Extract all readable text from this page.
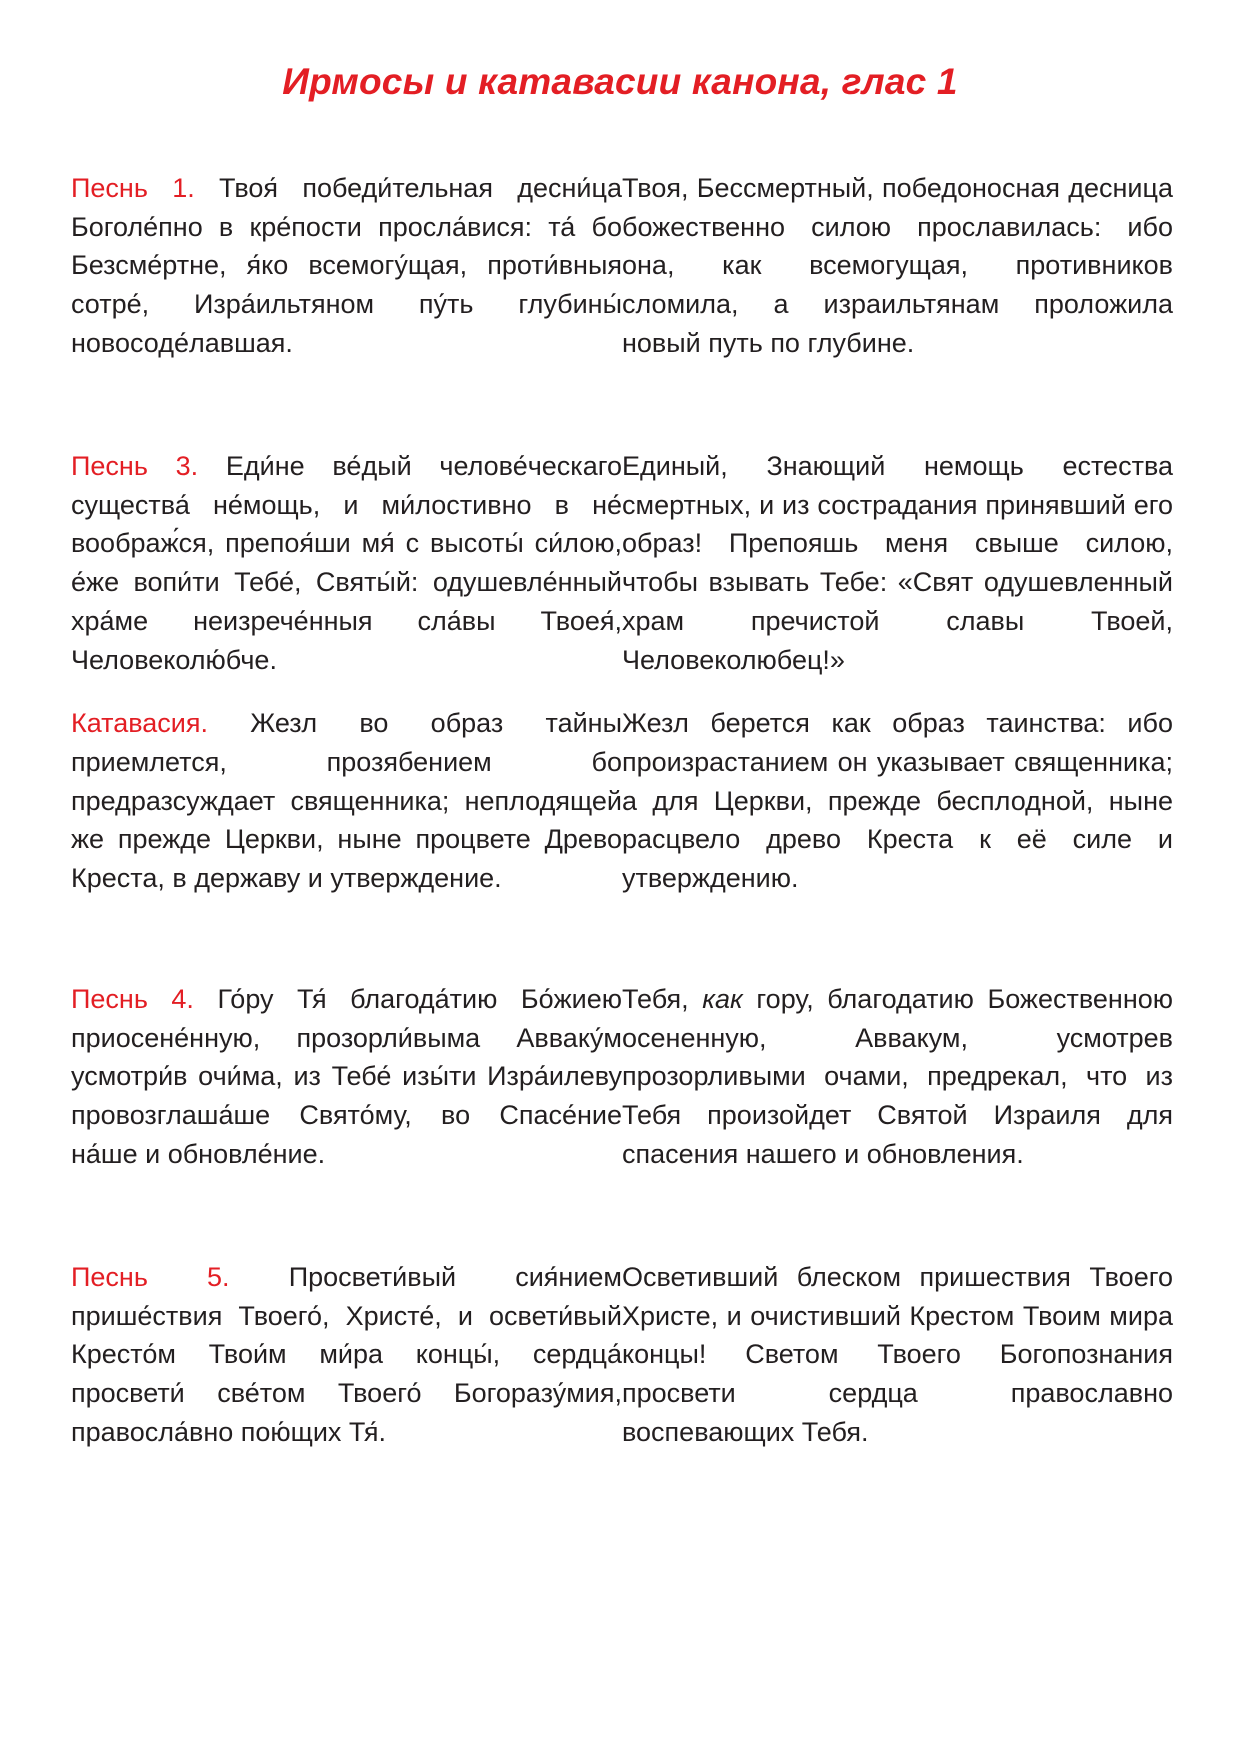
Ирмосы и катавасии канона, глас 1

Песнь 1. Твоя́ победи́тельная десни́ца Боголе́пно в кре́пости просла́вися: та́ бо Безсме́ртне, я́ко всемогу́щая, проти́вныя сотре́, Изра́ильтяном пу́ть глубины́ новосоде́лавшая.

Твоя, Бессмертный, победоносная десница божественно силою прославилась: ибо она, как всемогущая, противников сломила, а израильтянам проложила новый путь по глубине.

Песнь 3. Еди́не ве́дый челове́ческаго существа́ не́мощь, и ми́лостивно в не́ воображ́ся, препоя́ши мя́ с высоты́ си́лою, е́же вопи́ти Тебе́, Святы́й: одушевле́нный хра́ме неизрече́нныя сла́вы Твоея́, Человеколю́бче.

Катавасия. Жезл во образ тайны приемлется, прозябением бо предразсуждает священника; неплодящей же прежде Церкви, ныне процвете Древо Креста, в державу и утверждение.

Единый, Знающий немощь естества смертных, и из сострадания принявший его образ! Препояшь меня свыше силою, чтобы взывать Тебе: «Свят одушевленный храм пречистой славы Твоей, Человеколюбец!»

Жезл берется как образ таинства: ибо произрастанием он указывает священника; а для Церкви, прежде бесплодной, ныне расцвело древо Креста к её силе и утверждению.

Песнь 4. Го́ру Тя́ благода́тию Бо́жиею приосене́нную, прозорли́выма Авваку́м усмотри́в очи́ма, из Тебе́ изы́ти Изра́илеву провозглаша́ше Свято́му, во Спасе́ние на́ше и обновле́ние.

Тебя, как гору, благодатию Божественною осененную, Аввакум, усмотрев прозорливыми очами, предрекал, что из Тебя произойдет Святой Израиля для спасения нашего и обновления.

Песнь 5. Просвети́вый сия́нием прише́ствия Твоего́, Христе́, и освети́вый Кресто́м Твои́м ми́ра концы́, сердца́ просвети́ све́том Твоего́ Богоразу́мия, правосла́вно пою́щих Тя́.

Осветивший блеском пришествия Твоего Христе, и очистивший Крестом Твоим мира концы! Светом Твоего Богопознания просвети сердца православно воспевающих Тебя.
